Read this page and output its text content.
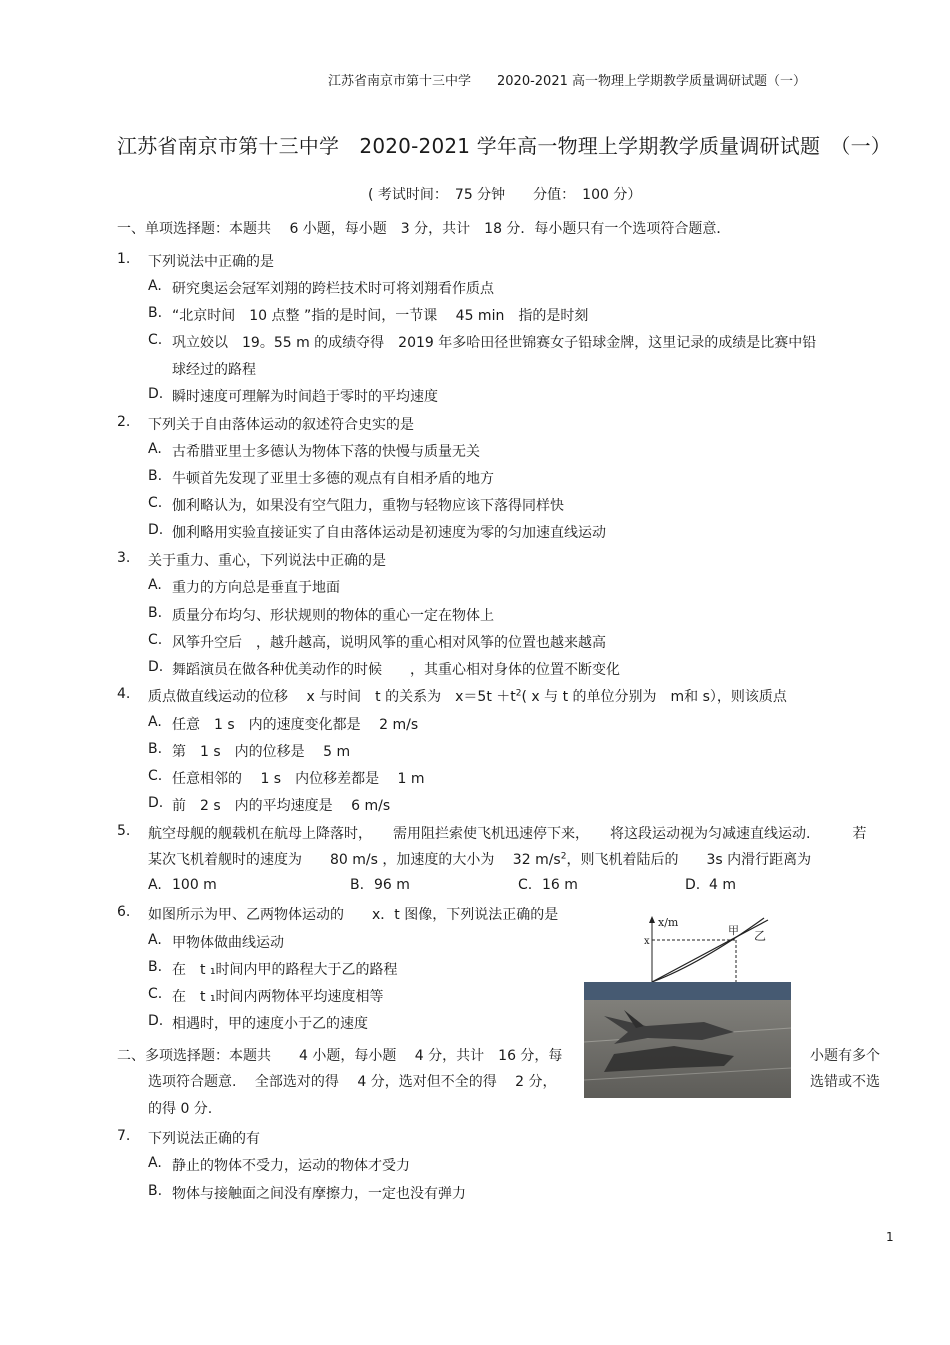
江苏省南京市第十三中学　　2020-2021 高一物理上学期教学质量调研试题（一）
江苏省南京市第十三中学　2020-2021 学年高一物理上学期教学质量调研试题　（一）
( 考试时间：　75 分钟　　分值：　100 分）
一、单项选择题：本题共　 6 小题，每小题　3 分，共计　18 分．每小题只有一个选项符合题意．
1. 下列说法中正确的是
A. 研究奥运会冠军刘翔的跨栏技术时可将刘翔看作质点
B. “北京时间　10 点整 ”指的是时间，一节课　 45 min　指的是时刻
C. 巩立姣以　19。55 m 的成绩夺得　2019 年多哈田径世锦赛女子铅球金牌，这里记录的成绩是比赛中铅
球经过的路程
D. 瞬时速度可理解为时间趋于零时的平均速度
2. 下列关于自由落体运动的叙述符合史实的是
A. 古希腊亚里士多德认为物体下落的快慢与质量无关
B. 牛顿首先发现了亚里士多德的观点有自相矛盾的地方
C. 伽利略认为，如果没有空气阻力，重物与轻物应该下落得同样快
D. 伽利略用实验直接证实了自由落体运动是初速度为零的匀加速直线运动
3. 关于重力、重心，下列说法中正确的是
A. 重力的方向总是垂直于地面
B. 质量分布均匀、形状规则的物体的重心一定在物体上
C. 风筝升空后　，越升越高，说明风筝的重心相对风筝的位置也越来越高
D. 舞蹈演员在做各种优美动作的时候　　，其重心相对身体的位置不断变化
4. 质点做直线运动的位移　 x 与时间　t 的关系为　$x=5t +t^2$( x 与 t 的单位分别为　m和 s），则该质点
A. 任意　1 s　内的速度变化都是　 2 m/s
B. 第　1 s　内的位移是　 5 m
C. 任意相邻的　 1 s　内位移差都是　 1 m
D. 前　2 s　内的平均速度是　 6 m/s
5. 航空母舰的舰载机在航母上降落时，　　需用阻拦索使飞机迅速停下来，　　将这段运动视为匀减速直线运动.　　　若
某次飞机着舰时的速度为　　80 m/s ，加速度的大小为　 32 $m/s^2$，则飞机着陆后的　　3s 内滑行距离为
A. 100 m	B. 96 m	C. 16 m	D. 4 m
6. 如图所示为甲、乙两物体运动的　　x．t 图像，下列说法正确的是
A. 甲物体做曲线运动
B. 在　t ₁时间内甲的路程大于乙的路程
C. 在　t ₁时间内两物体平均速度相等
D. 相遇时，甲的速度小于乙的速度
x/m
x
甲 乙
二、多项选择题：本题共　　4 小题，每小题　 4 分，共计　16 分，每	小题有多个
选项符合题意.　 全部选对的得　 4 分，选对但不全的得　 2 分，	选错或不选
的得 0 分.
7. 下列说法正确的有
A. 静止的物体不受力，运动的物体才受力
B. 物体与接触面之间没有摩擦力，一定也没有弹力
1
